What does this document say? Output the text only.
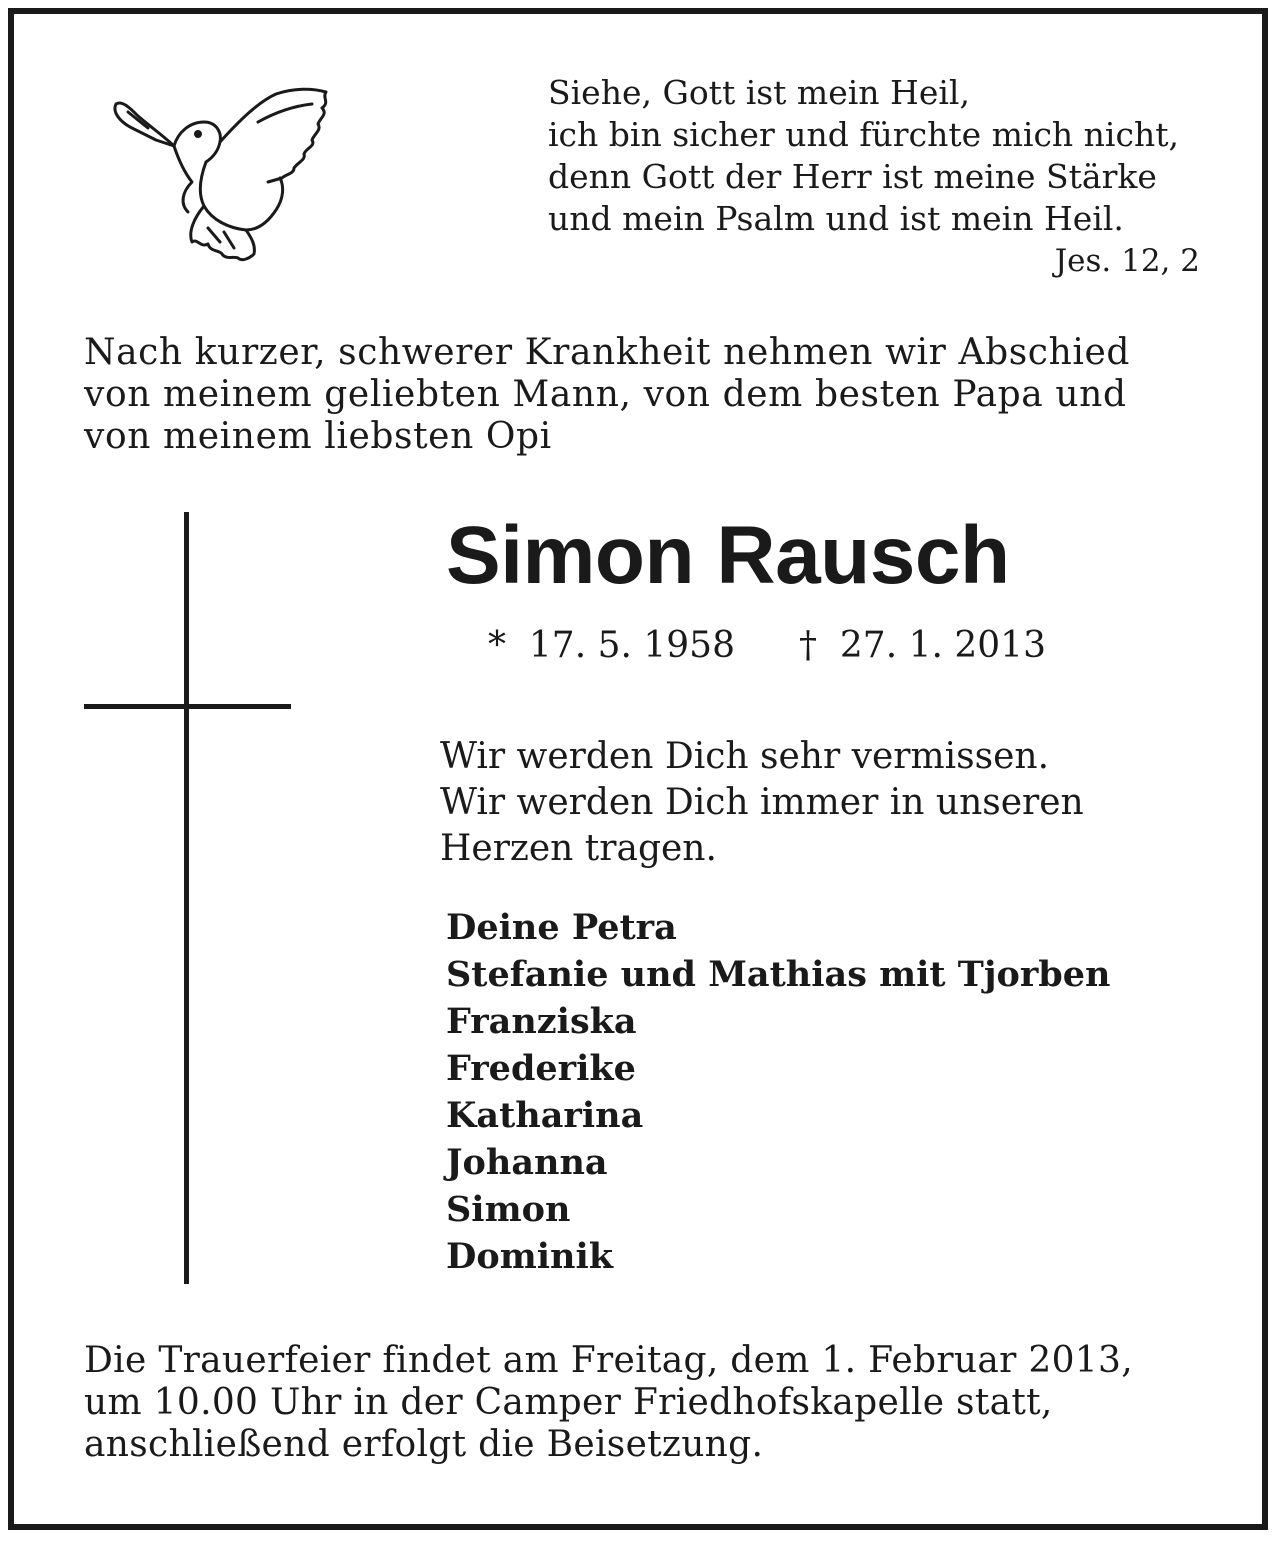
Siehe, Gott ist mein Heil,
ich bin sicher und fürchte mich nicht,
denn Gott der Herr ist meine Stärke
und mein Psalm und ist mein Heil.
Jes. 12, 2
Nach kurzer, schwerer Krankheit nehmen wir Abschied
von meinem geliebten Mann, von dem besten Papa und
von meinem liebsten Opi
Simon Rausch
* 17. 5. 1958 † 27. 1. 2013
Wir werden Dich sehr vermissen.
Wir werden Dich immer in unseren
Herzen tragen.
Deine Petra
Stefanie und Mathias mit Tjorben
Franziska
Frederike
Katharina
Johanna
Simon
Dominik
Die Trauerfeier findet am Freitag, dem 1. Februar 2013,
um 10.00 Uhr in der Camper Friedhofskapelle statt,
anschließend erfolgt die Beisetzung.
